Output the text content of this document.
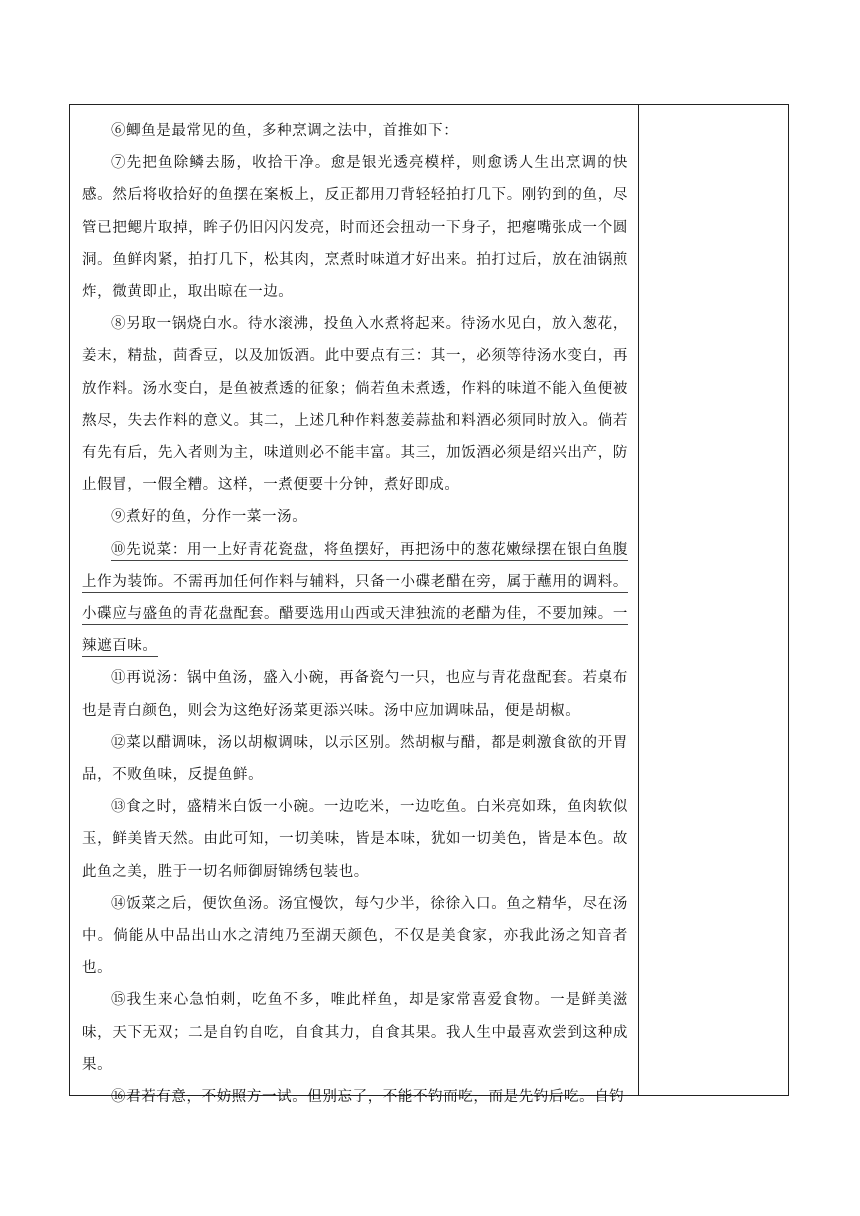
⑥鲫鱼是最常见的鱼，多种烹调之法中，首推如下：

⑦先把鱼除鳞去肠，收拾干净。愈是银光透亮模样，则愈诱人生出烹调的快感。然后将收拾好的鱼摆在案板上，反正都用刀背轻轻拍打几下。刚钓到的鱼，尽管已把鳃片取掉，眸子仍旧闪闪发亮，时而还会扭动一下身子，把瘪嘴张成一个圆洞。鱼鲜肉紧，拍打几下，松其肉，烹煮时味道才好出来。拍打过后，放在油锅煎炸，微黄即止，取出晾在一边。

⑧另取一锅烧白水。待水滚沸，投鱼入水煮将起来。待汤水见白，放入葱花，姜末，精盐，茴香豆，以及加饭酒。此中要点有三：其一，必须等待汤水变白，再放作料。汤水变白，是鱼被煮透的征象；倘若鱼未煮透，作料的味道不能入鱼便被熬尽，失去作料的意义。其二，上述几种作料葱姜蒜盐和料酒必须同时放入。倘若有先有后，先入者则为主，味道则必不能丰富。其三，加饭酒必须是绍兴出产，防止假冒，一假全糟。这样，一煮便要十分钟，煮好即成。

⑨煮好的鱼，分作一菜一汤。

⑩先说菜：用一上好青花瓷盘，将鱼摆好，再把汤中的葱花嫩绿摆在银白鱼腹上作为装饰。不需再加任何作料与辅料，只备一小碟老醋在旁，属于蘸用的调料。小碟应与盛鱼的青花盘配套。醋要选用山西或天津独流的老醋为佳，不要加辣。一辣遮百味。

⑪再说汤：锅中鱼汤，盛入小碗，再备瓷勺一只，也应与青花盘配套。若桌布也是青白颜色，则会为这绝好汤菜更添兴味。汤中应加调味品，便是胡椒。

⑫菜以醋调味，汤以胡椒调味，以示区别。然胡椒与醋，都是刺激食欲的开胃品，不败鱼味，反提鱼鲜。

⑬食之时，盛精米白饭一小碗。一边吃米，一边吃鱼。白米亮如珠，鱼肉软似玉，鲜美皆天然。由此可知，一切美味，皆是本味，犹如一切美色，皆是本色。故此鱼之美，胜于一切名师御厨锦绣包装也。

⑭饭菜之后，便饮鱼汤。汤宜慢饮，每勺少半，徐徐入口。鱼之精华，尽在汤中。倘能从中品出山水之清纯乃至湖天颜色，不仅是美食家，亦我此汤之知音者也。

⑮我生来心急怕刺，吃鱼不多，唯此样鱼，却是家常喜爱食物。一是鲜美滋味，天下无双；二是自钓自吃，自食其力，自食其果。我人生中最喜欢尝到这种成果。

⑯君若有意，不妨照方一试。但别忘了，不能不钓而吃，而是先钓后吃。自钓
